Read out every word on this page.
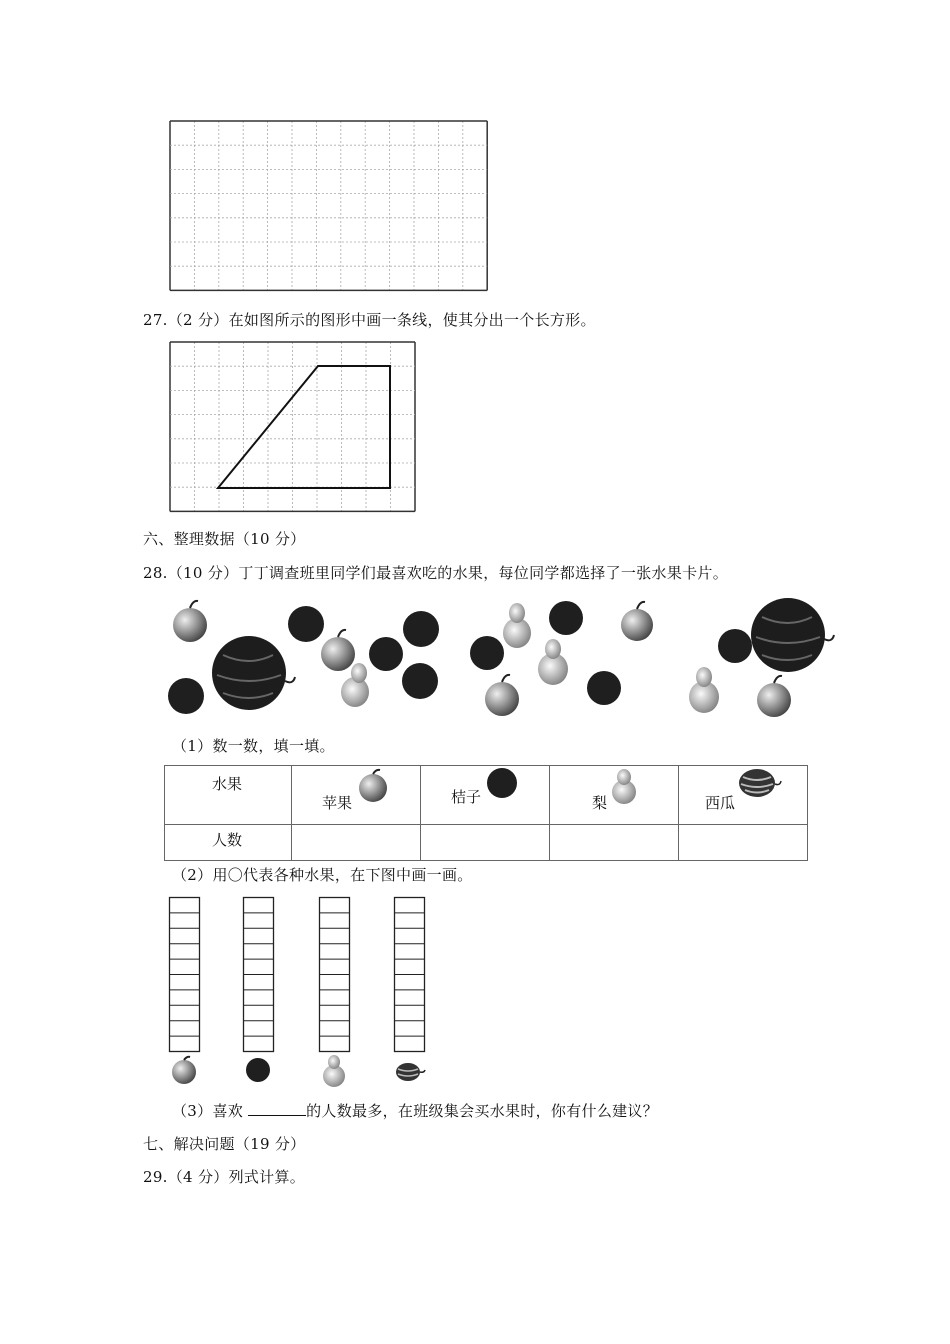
27.（2 分）在如图所示的图形中画一条线，使其分出一个长方形。
六、整理数据（10 分）
28.（10 分）丁丁调查班里同学们最喜欢吃的水果，每位同学都选择了一张水果卡片。
（1）数一数，填一填。
水果	苹果	桔子	梨	西瓜

人数				

（2）用〇代表各种水果，在下图中画一画。
（3）喜欢	的人数最多，在班级集会买水果时，你有什么建议？
七、解决问题（19 分）
29.（4 分）列式计算。
